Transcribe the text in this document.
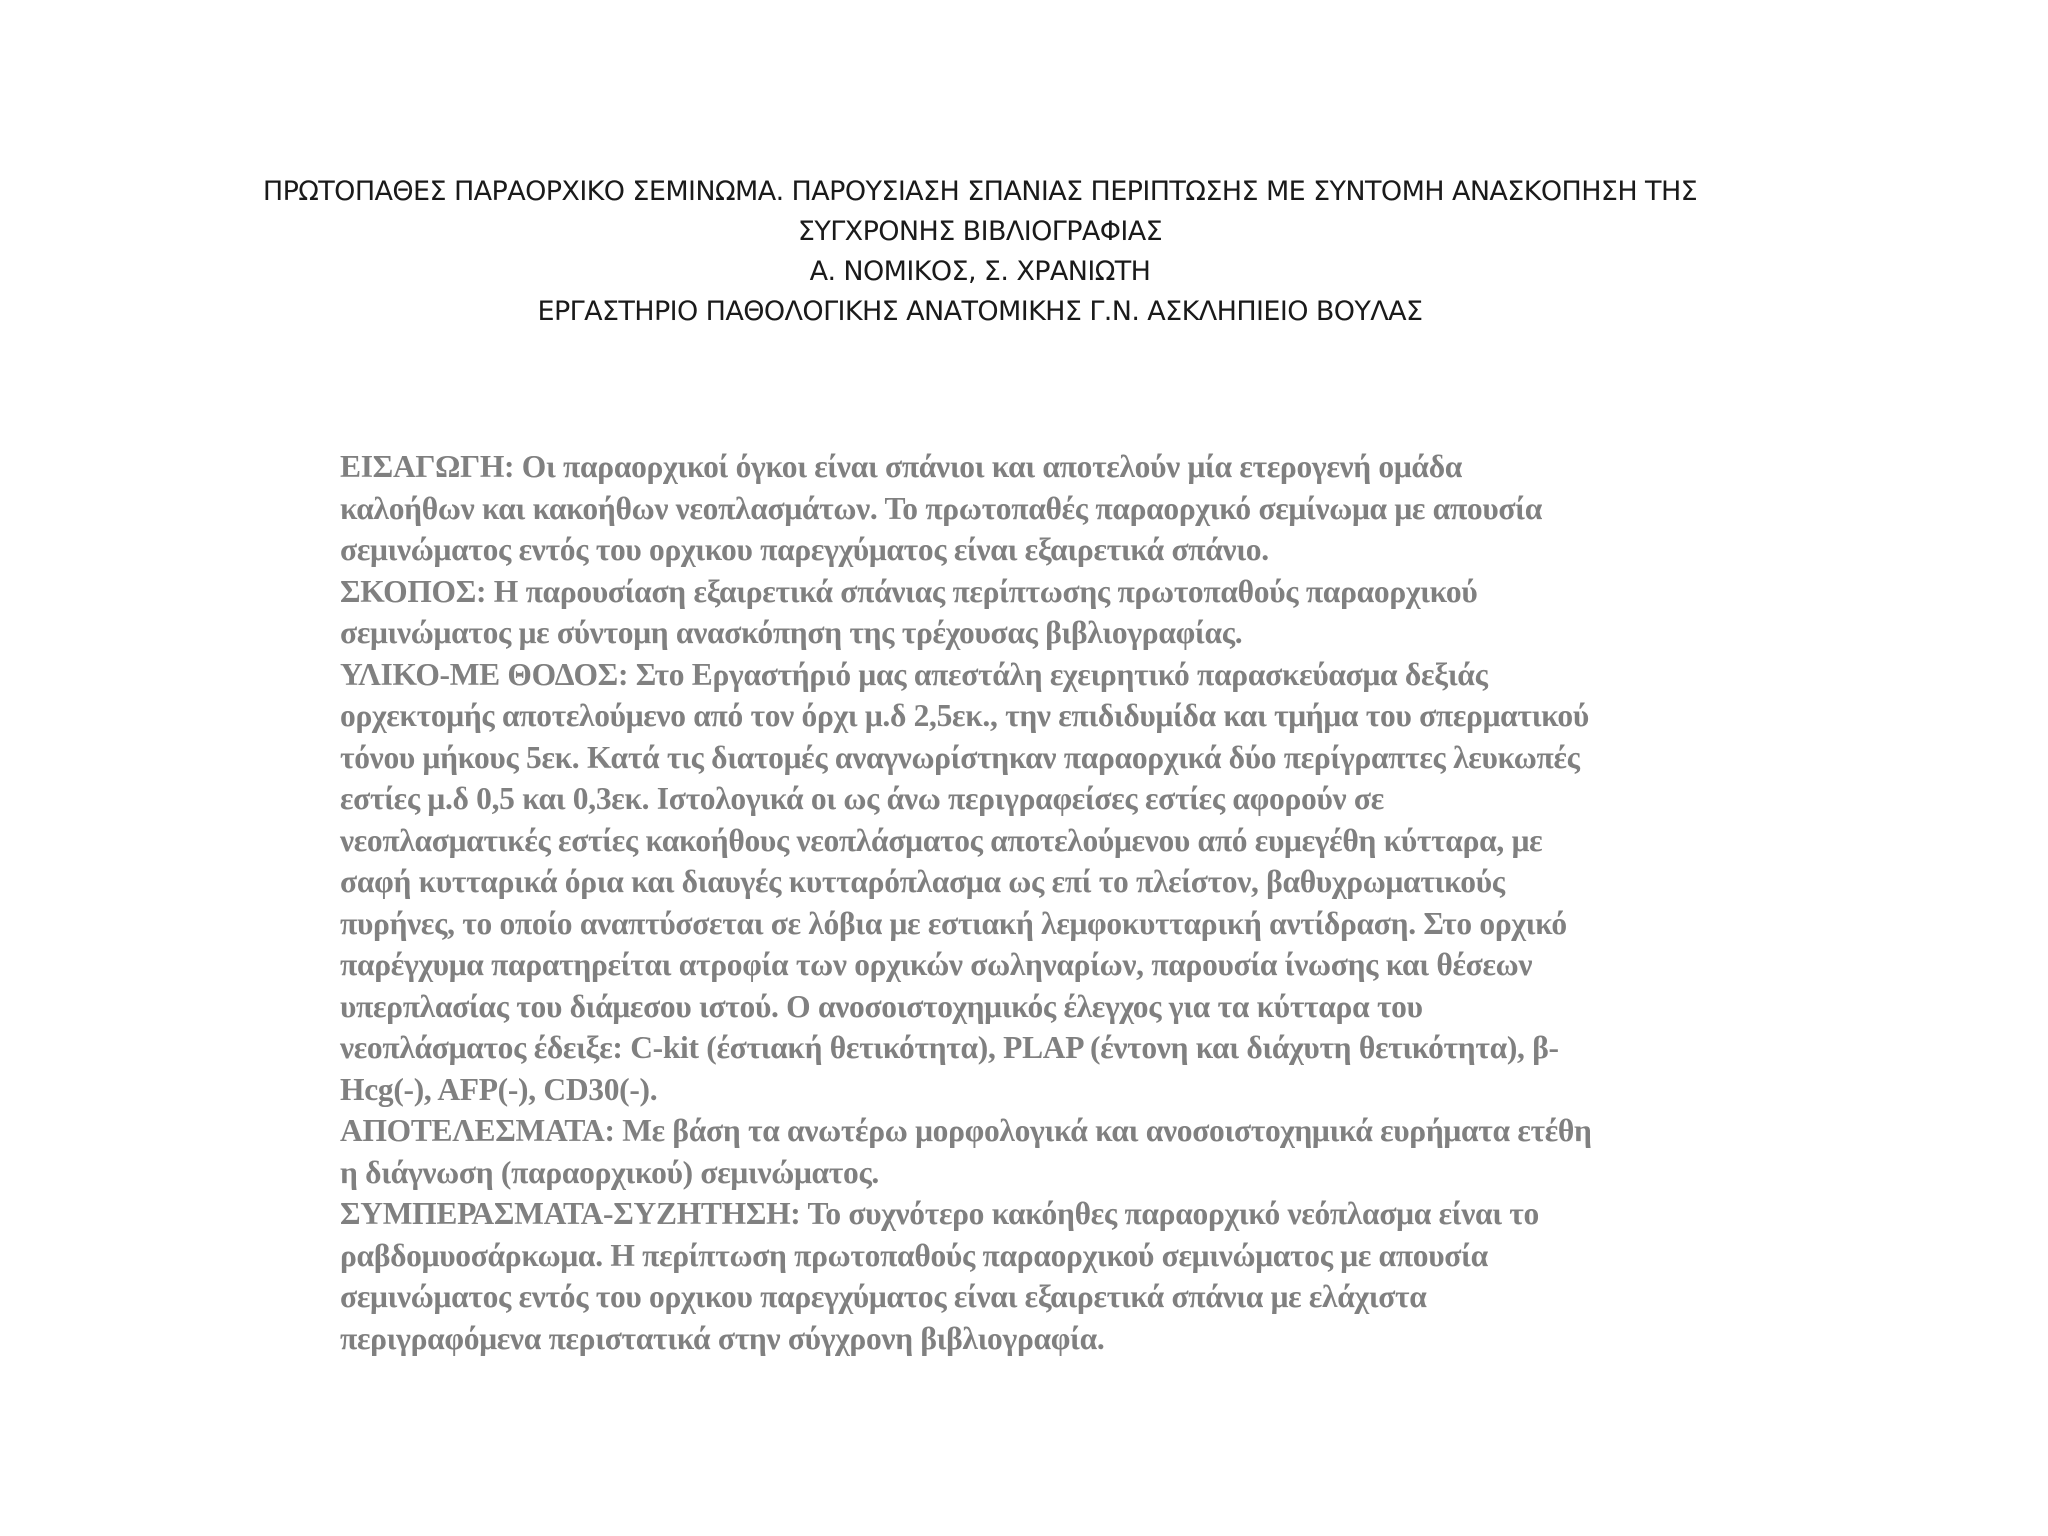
ΠΡΩΤΟΠΑΘΕΣ ΠΑΡΑΟΡΧΙΚΟ ΣΕΜΙΝΩΜΑ. ΠΑΡΟΥΣΙΑΣΗ ΣΠΑΝΙΑΣ ΠΕΡΙΠΤΩΣΗΣ ΜΕ ΣΥΝΤΟΜΗ ΑΝΑΣΚΟΠΗΣΗ ΤΗΣ
ΣΥΓΧΡΟΝΗΣ ΒΙΒΛΙΟΓΡΑΦΙΑΣ
Α. ΝΟΜΙΚΟΣ, Σ. ΧΡΑΝΙΩΤΗ
ΕΡΓΑΣΤΗΡΙΟ ΠΑΘΟΛΟΓΙΚΗΣ ΑΝΑΤΟΜΙΚΗΣ Γ.Ν. ΑΣΚΛΗΠΙΕΙΟ ΒΟΥΛΑΣ
ΕΙΣΑΓΩΓΗ: Οι παραορχικοί όγκοι είναι σπάνιοι και αποτελούν μία ετερογενή ομάδα
καλοήθων και κακοήθων νεοπλασμάτων. Το πρωτοπαθές παραορχικό σεμίνωμα με απουσία
σεμινώματος εντός του ορχικου παρεγχύματος είναι εξαιρετικά σπάνιο.
ΣΚΟΠΟΣ: Η παρουσίαση εξαιρετικά σπάνιας περίπτωσης πρωτοπαθούς παραορχικού
σεμινώματος με σύντομη ανασκόπηση της τρέχουσας βιβλιογραφίας.
ΥΛΙΚΟ-ΜΕ ΘΟΔΟΣ: Στο Εργαστήριό μας απεστάλη εχειρητικό παρασκεύασμα δεξιάς
ορχεκτομής αποτελούμενο από τον όρχι μ.δ 2,5εκ., την επιδιδυμίδα και τμήμα του σπερματικού
τόνου μήκους 5εκ. Κατά τις διατομές αναγνωρίστηκαν παραορχικά δύο περίγραπτες λευκωπές
εστίες μ.δ 0,5 και 0,3εκ. Ιστολογικά οι ως άνω περιγραφείσες εστίες αφορούν σε
νεοπλασματικές εστίες κακοήθους νεοπλάσματος αποτελούμενου από ευμεγέθη κύτταρα, με
σαφή κυτταρικά όρια και διαυγές κυτταρόπλασμα ως επί το πλείστον, βαθυχρωματικούς
πυρήνες, το οποίο αναπτύσσεται σε λόβια με εστιακή λεμφοκυτταρική αντίδραση. Στο ορχικό
παρέγχυμα παρατηρείται ατροφία των ορχικών σωληναρίων, παρουσία ίνωσης και θέσεων
υπερπλασίας του διάμεσου ιστού. Ο ανοσοιστοχημικός έλεγχος για τα κύτταρα του
νεοπλάσματος έδειξε: C-kit (έστιακή θετικότητα), PLAP (έντονη και διάχυτη θετικότητα), β-
Hcg(-), AFP(-), CD30(-).
ΑΠΟΤΕΛΕΣΜΑΤΑ: Με βάση τα ανωτέρω μορφολογικά και ανοσοιστοχημικά ευρήματα ετέθη
η διάγνωση (παραορχικού) σεμινώματος.
ΣΥΜΠΕΡΑΣΜΑΤΑ-ΣΥΖΗΤΗΣΗ: Το συχνότερο κακόηθες παραορχικό νεόπλασμα είναι το
ραβδομυοσάρκωμα. Η περίπτωση πρωτοπαθούς παραορχικού σεμινώματος με απουσία
σεμινώματος εντός του ορχικου παρεγχύματος είναι εξαιρετικά σπάνια με ελάχιστα
περιγραφόμενα περιστατικά στην σύγχρονη βιβλιογραφία.
